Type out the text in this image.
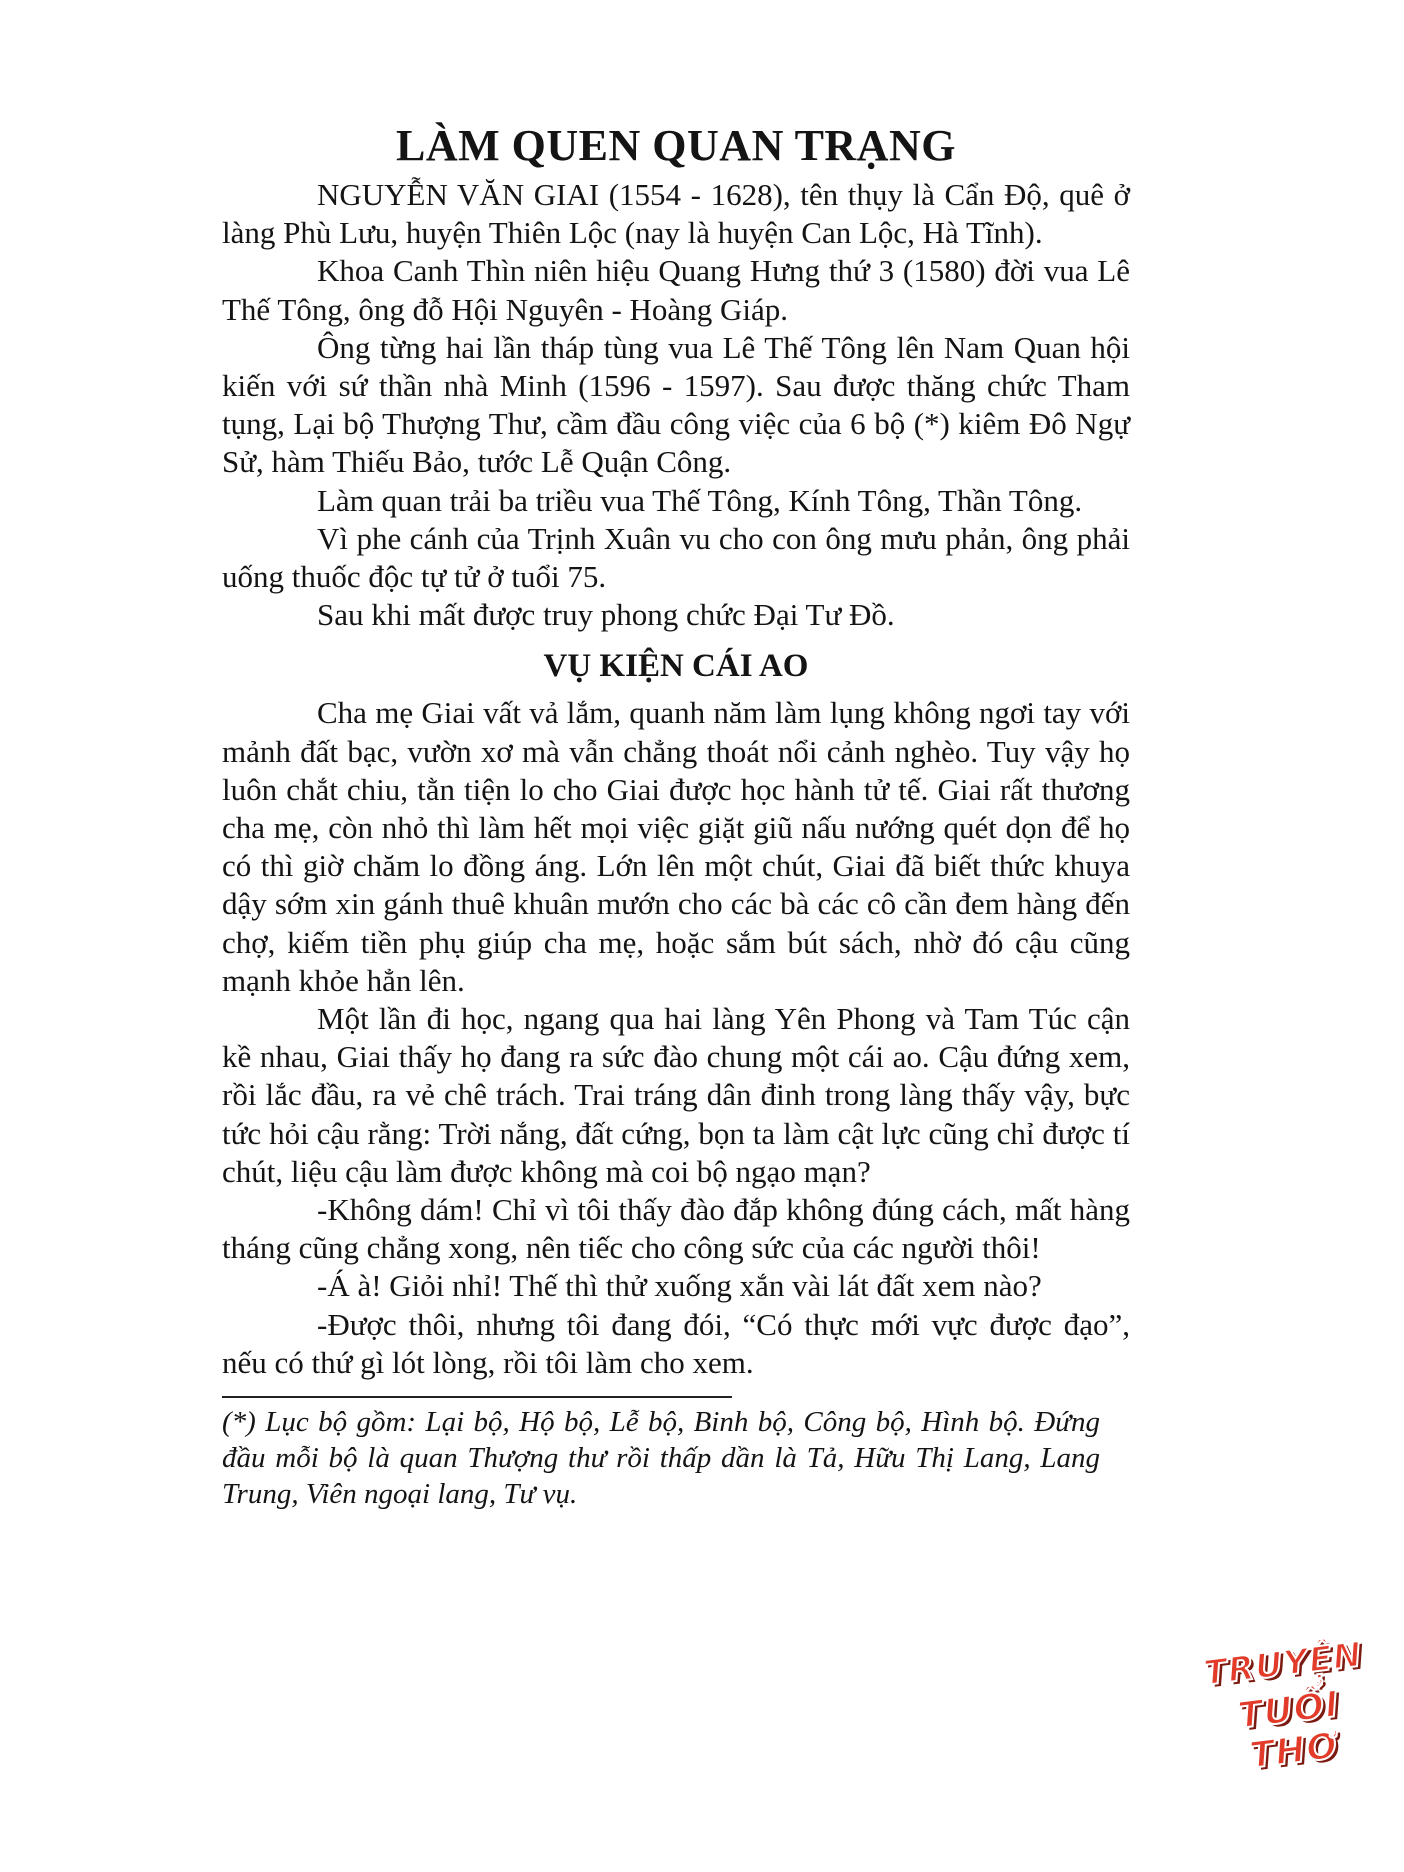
LÀM QUEN QUAN TRẠNG

NGUYỄN VĂN GIAI (1554 - 1628), tên thụy là Cẩn Độ, quê ở làng Phù Lưu, huyện Thiên Lộc (nay là huyện Can Lộc, Hà Tĩnh).

Khoa Canh Thìn niên hiệu Quang Hưng thứ 3 (1580) đời vua Lê Thế Tông, ông đỗ Hội Nguyên - Hoàng Giáp.

Ông từng hai lần tháp tùng vua Lê Thế Tông lên Nam Quan hội kiến với sứ thần nhà Minh (1596 - 1597). Sau được thăng chức Tham tụng, Lại bộ Thượng Thư, cầm đầu công việc của 6 bộ (*) kiêm Đô Ngự Sử, hàm Thiếu Bảo, tước Lễ Quận Công.

Làm quan trải ba triều vua Thế Tông, Kính Tông, Thần Tông.

Vì phe cánh của Trịnh Xuân vu cho con ông mưu phản, ông phải uống thuốc độc tự tử ở tuổi 75.

Sau khi mất được truy phong chức Đại Tư Đồ.

VỤ KIỆN CÁI AO

Cha mẹ Giai vất vả lắm, quanh năm làm lụng không ngơi tay với mảnh đất bạc, vườn xơ mà vẫn chẳng thoát nổi cảnh nghèo. Tuy vậy họ luôn chắt chiu, tằn tiện lo cho Giai được học hành tử tế. Giai rất thương cha mẹ, còn nhỏ thì làm hết mọi việc giặt giũ nấu nướng quét dọn để họ có thì giờ chăm lo đồng áng. Lớn lên một chút, Giai đã biết thức khuya dậy sớm xin gánh thuê khuân mướn cho các bà các cô cần đem hàng đến chợ, kiếm tiền phụ giúp cha mẹ, hoặc sắm bút sách, nhờ đó cậu cũng mạnh khỏe hẳn lên.

Một lần đi học, ngang qua hai làng Yên Phong và Tam Túc cận kề nhau, Giai thấy họ đang ra sức đào chung một cái ao. Cậu đứng xem, rồi lắc đầu, ra vẻ chê trách. Trai tráng dân đinh trong làng thấy vậy, bực tức hỏi cậu rằng: Trời nắng, đất cứng, bọn ta làm cật lực cũng chỉ được tí chút, liệu cậu làm được không mà coi bộ ngạo mạn?

-Không dám! Chỉ vì tôi thấy đào đắp không đúng cách, mất hàng tháng cũng chẳng xong, nên tiếc cho công sức của các người thôi!

-Á à! Giỏi nhỉ! Thế thì thử xuống xắn vài lát đất xem nào?

-Được thôi, nhưng tôi đang đói, “Có thực mới vực được đạo”, nếu có thứ gì lót lòng, rồi tôi làm cho xem.

(*) Lục bộ gồm: Lại bộ, Hộ bộ, Lễ bộ, Binh bộ, Công bộ, Hình bộ. Đứng đầu mỗi bộ là quan Thượng thư rồi thấp dần là Tả, Hữu Thị Lang, Lang Trung, Viên ngoại lang, Tư vụ.

TRUYỆN
TUỔI THƠ
